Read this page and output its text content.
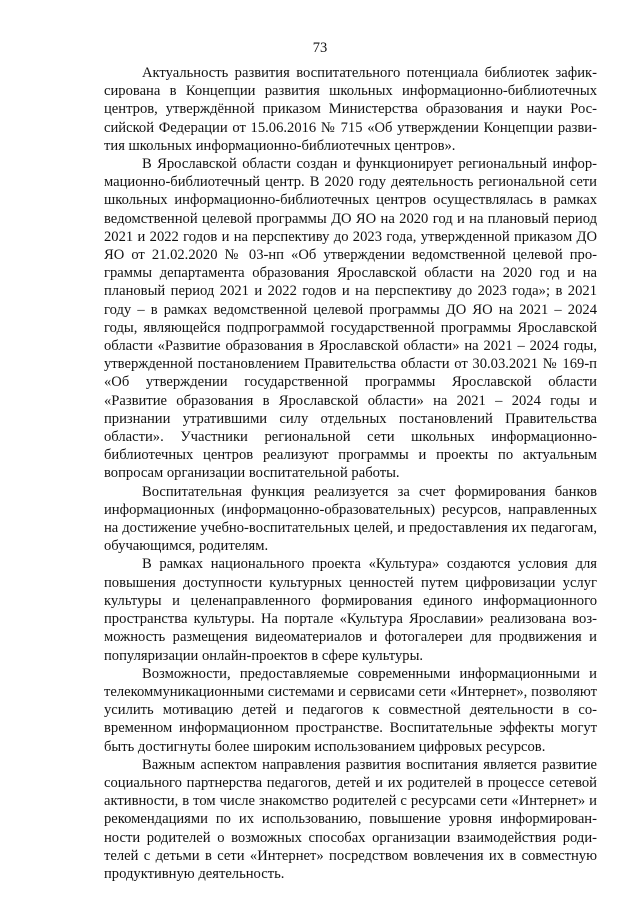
73

Актуальность развития воспитательного потенциала библиотек зафиксирована в Концепции развития школьных информационно-библиотечных центров, утверждённой приказом Министерства образования и науки Российской Федерации от 15.06.2016 № 715 «Об утверждении Концепции развития школьных информационно-библиотечных центров».

В Ярославской области создан и функционирует региональный информационно-библиотечный центр. В 2020 году деятельность региональной сети школьных информационно-библиотечных центров осуществлялась в рамках ведомственной целевой программы ДО ЯО на 2020 год и на плановый период 2021 и 2022 годов и на перспективу до 2023 года, утвержденной приказом ДО ЯО от 21.02.2020 № 03-нп «Об утверждении ведомственной целевой программы департамента образования Ярославской области на 2020 год и на плановый период 2021 и 2022 годов и на перспективу до 2023 года»; в 2021 году – в рамках ведомственной целевой программы ДО ЯО на 2021 – 2024 годы, являющейся подпрограммой государственной программы Ярославской области «Развитие образования в Ярославской области» на 2021 – 2024 годы, утвержденной постановлением Правительства области от 30.03.2021 № 169-п «Об утверждении государственной программы Ярославской области «Развитие образования в Ярославской области» на 2021 – 2024 годы и признании утратившими силу отдельных постановлений Правительства области». Участники региональной сети школьных информационно-библиотечных центров реализуют программы и проекты по актуальным вопросам организации воспитательной работы.

Воспитательная функция реализуется за счет формирования банков информационных (информацонно-образовательных) ресурсов, направленных на достижение учебно-воспитательных целей, и предоставления их педагогам, обучающимся, родителям.

В рамках национального проекта «Культура» создаются условия для повышения доступности культурных ценностей путем цифровизации услуг культуры и целенаправленного формирования единого информационного пространства культуры. На портале «Культура Ярославии» реализована возможность размещения видеоматериалов и фотогалереи для продвижения и популяризации онлайн-проектов в сфере культуры.

Возможности, предоставляемые современными информационными и телекоммуникационными системами и сервисами сети «Интернет», позволяют усилить мотивацию детей и педагогов к совместной деятельности в современном информационном пространстве. Воспитательные эффекты могут быть достигнуты более широким использованием цифровых ресурсов.

Важным аспектом направления развития воспитания является развитие социального партнерства педагогов, детей и их родителей в процессе сетевой активности, в том числе знакомство родителей с ресурсами сети «Интернет» и рекомендациями по их использованию, повышение уровня информированности родителей о возможных способах организации взаимодействия родителей с детьми в сети «Интернет» посредством вовлечения их в совместную продуктивную деятельность.
